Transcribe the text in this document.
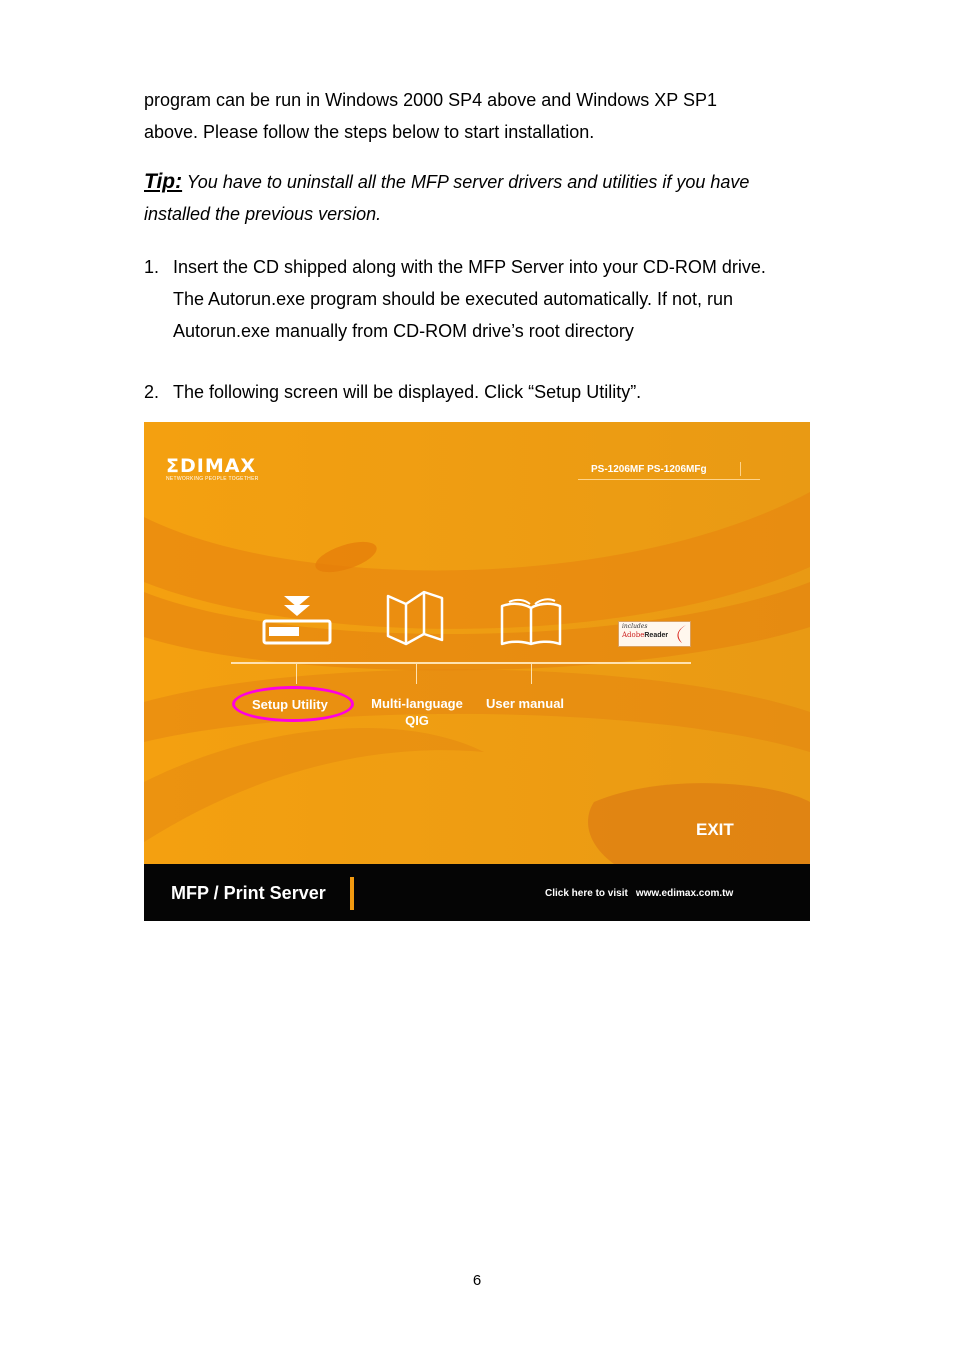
program can be run in Windows 2000 SP4 above and Windows XP SP1

above. Please follow the steps below to start installation.

Tip: You have to uninstall all the MFP server drivers and utilities if you have
installed the previous version.
1. Insert the CD shipped along with the MFP Server into your CD-ROM drive.
The Autorun.exe program should be executed automatically. If not, run
Autorun.exe manually from CD-ROM drive’s root directory
2. The following screen will be displayed. Click “Setup Utility”.
ΣDIMAX
NETWORKING PEOPLE TOGETHER
PS-1206MF PS-1206MFg
includes
AdobeReader
Setup Utility	Multi-language
QIG
User manual
EXIT
MFP / Print Server	Click here to visit www.edimax.com.tw
6
